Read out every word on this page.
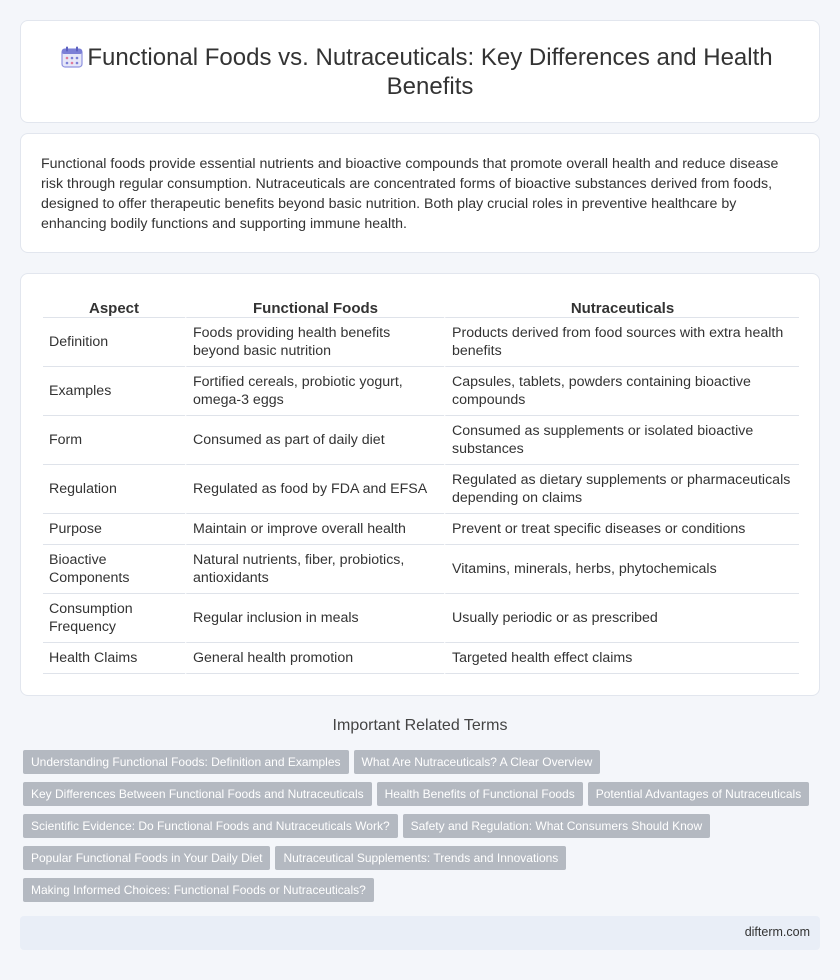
Functional Foods vs. Nutraceuticals: Key Differences and Health Benefits

Functional foods provide essential nutrients and bioactive compounds that promote overall health and reduce disease risk through regular consumption. Nutraceuticals are concentrated forms of bioactive substances derived from foods, designed to offer therapeutic benefits beyond basic nutrition. Both play crucial roles in preventive healthcare by enhancing bodily functions and supporting immune health.

Aspect	Functional Foods	Nutraceuticals
Definition	Foods providing health benefits beyond basic nutrition	Products derived from food sources with extra health benefits
Examples	Fortified cereals, probiotic yogurt, omega-3 eggs	Capsules, tablets, powders containing bioactive compounds
Form	Consumed as part of daily diet	Consumed as supplements or isolated bioactive substances
Regulation	Regulated as food by FDA and EFSA	Regulated as dietary supplements or pharmaceuticals depending on claims
Purpose	Maintain or improve overall health	Prevent or treat specific diseases or conditions
Bioactive Components	Natural nutrients, fiber, probiotics, antioxidants	Vitamins, minerals, herbs, phytochemicals
Consumption Frequency	Regular inclusion in meals	Usually periodic or as prescribed
Health Claims	General health promotion	Targeted health effect claims
Important Related Terms
Understanding Functional Foods: Definition and Examples What Are Nutraceuticals? A Clear Overview
Key Differences Between Functional Foods and Nutraceuticals Health Benefits of Functional Foods Potential Advantages of Nutraceuticals
Scientific Evidence: Do Functional Foods and Nutraceuticals Work? Safety and Regulation: What Consumers Should Know
Popular Functional Foods in Your Daily Diet Nutraceutical Supplements: Trends and Innovations
Making Informed Choices: Functional Foods or Nutraceuticals?
difterm.com
